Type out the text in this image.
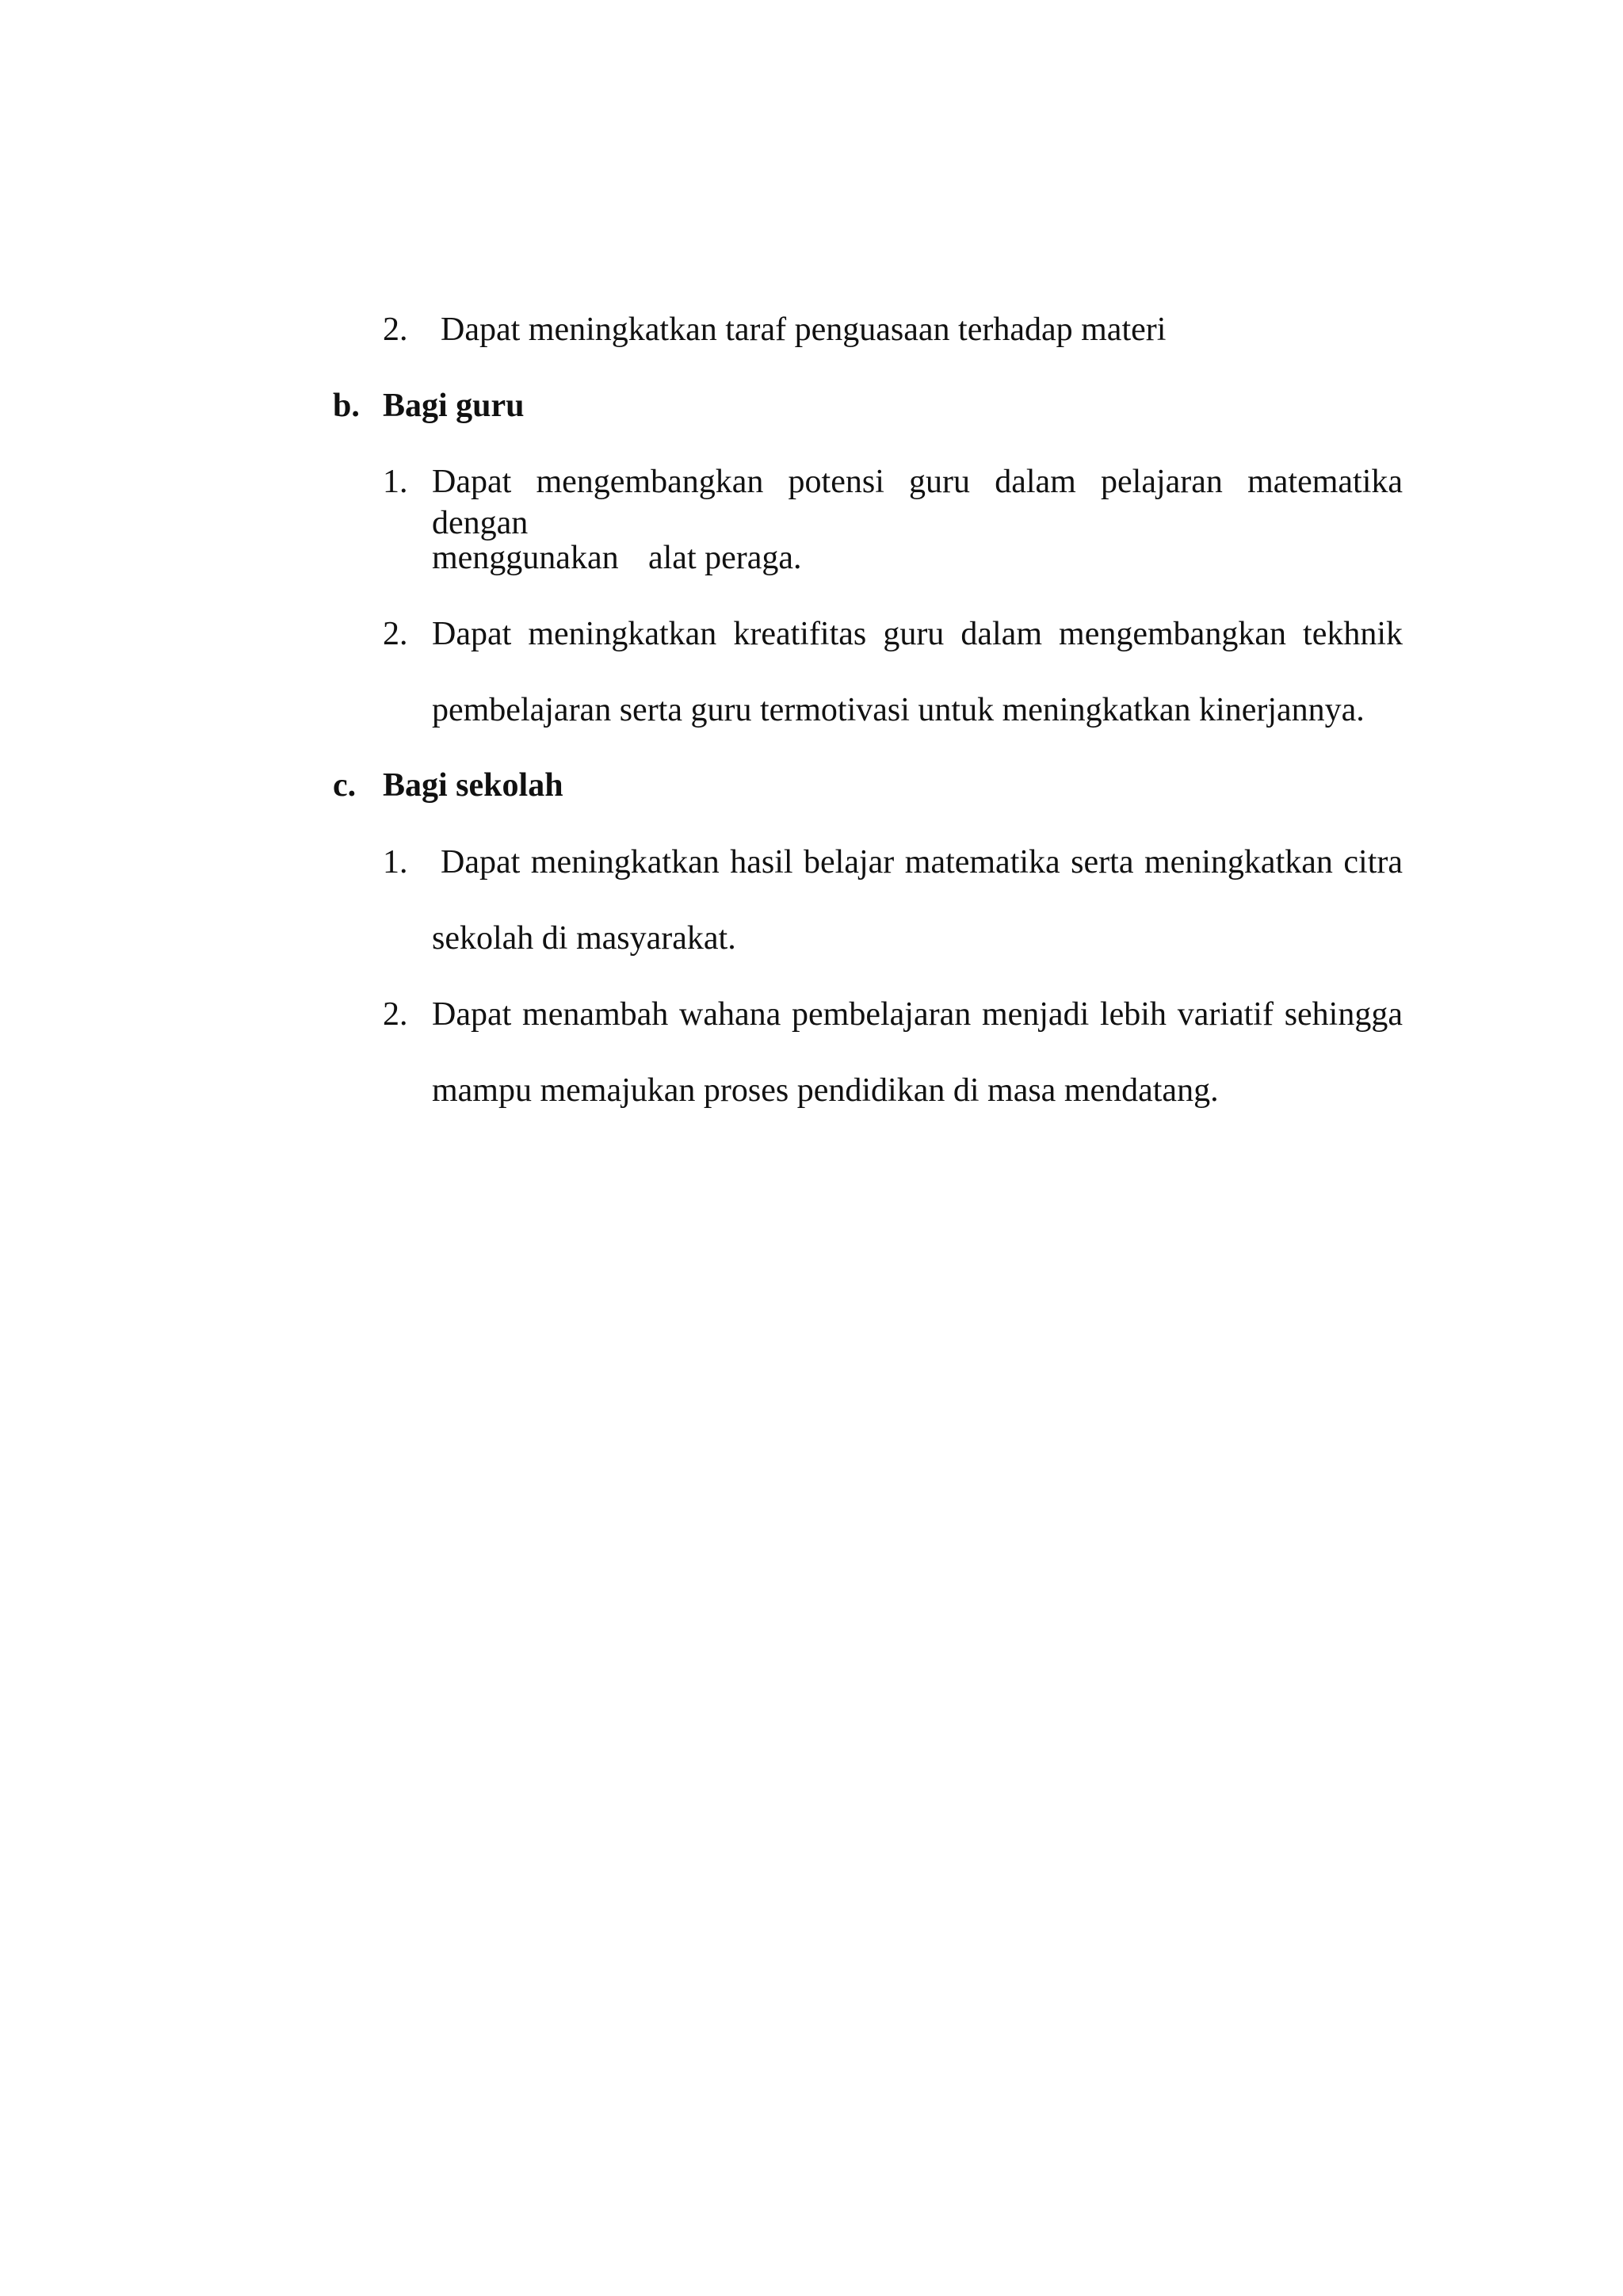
2. Dapat meningkatkan taraf penguasaan terhadap materi
b. Bagi guru
1. Dapat mengembangkan potensi guru dalam pelajaran matematika dengan
menggunakan alat peraga.
2. Dapat meningkatkan kreatifitas guru dalam mengembangkan tekhnik
pembelajaran serta guru termotivasi untuk meningkatkan kinerjannya.
c. Bagi sekolah
1. Dapat meningkatkan hasil belajar matematika serta meningkatkan citra
sekolah di masyarakat.
2. Dapat menambah wahana pembelajaran menjadi lebih variatif sehingga
mampu memajukan proses pendidikan di masa mendatang.
